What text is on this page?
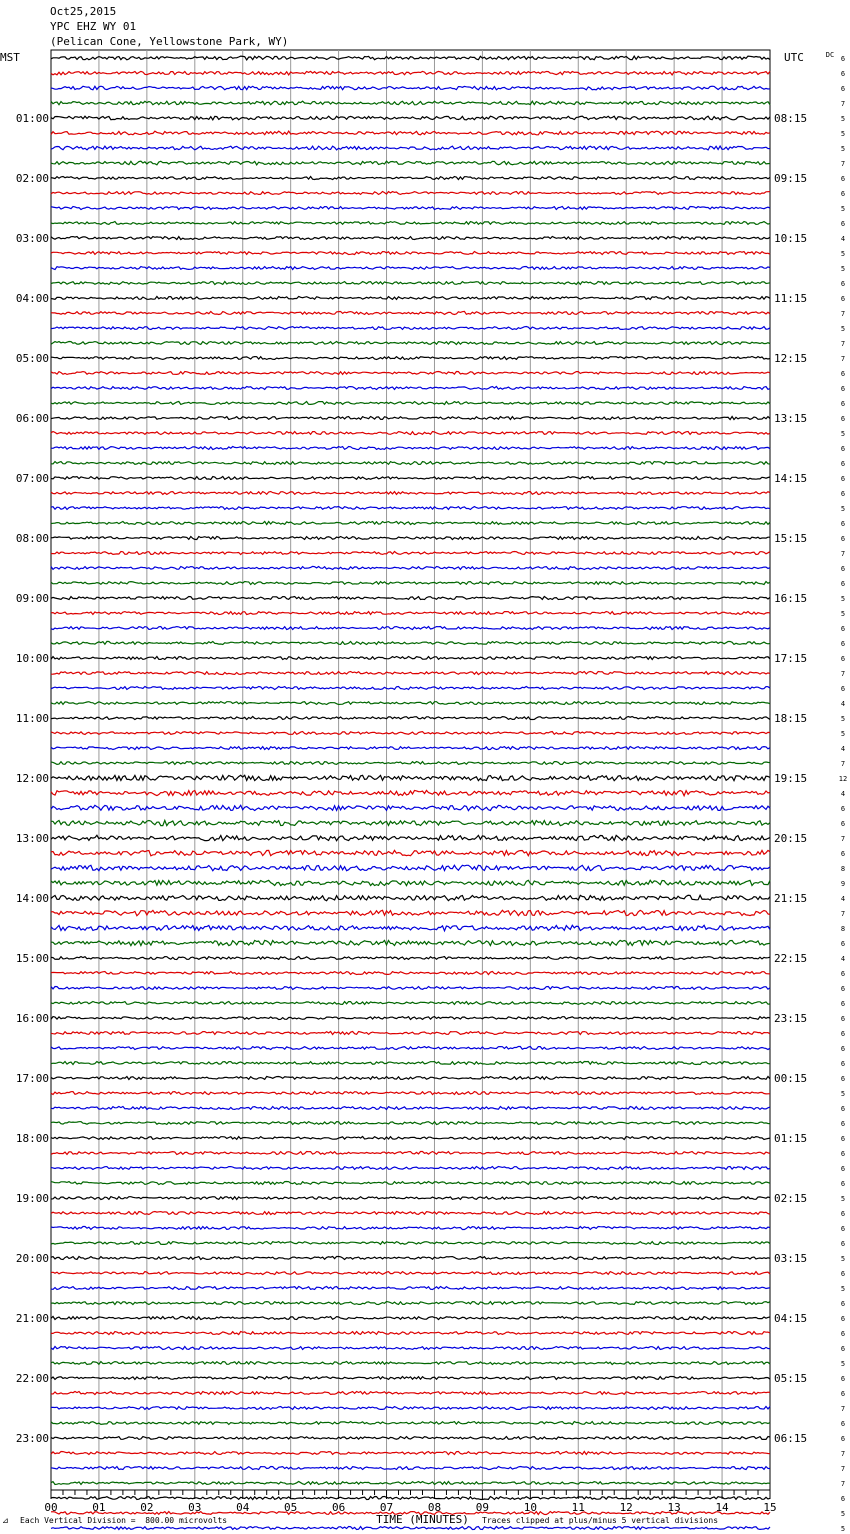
Oct25,2015
YPC EHZ WY 01
(Pelican Cone, Yellowstone Park, WY)
6
6
6
7
5
5
5
7
6
6
5
6
4
5
5
6
6
7
5
7
7
6
6
6
6
5
6
6
6
6
5
6
6
7
6
6
5
5
6
6
6
7
6
4
5
5
4
7
12
4
6
6
7
6
8
9
4
7
8
6
4
6
6
6
6
6
6
6
6
5
6
6
6
6
6
6
5
6
6
6
5
6
5
6
6
6
6
5
6
6
7
6
6
7
7
7
6
5
5
MST	UTC	DC
01:00	08:15
02:00	09:15
03:00	10:15
04:00	11:15
05:00	12:15
06:00	13:15
07:00	14:15
08:00	15:15
09:00	16:15
10:00	17:15
11:00	18:15
12:00	19:15
13:00	20:15
14:00	21:15
15:00	22:15
16:00	23:15
17:00	00:15
18:00	01:15
19:00	02:15
20:00	03:15
21:00	04:15
22:00	05:15
23:00	06:15
00	01	02	03	04	05	06	07	08	09	10	11	12	13	14	15
TIME (MINUTES)
⊿ Each Vertical Division =  800.00 microvolts	Traces clipped at plus/minus 5 vertical divisions
